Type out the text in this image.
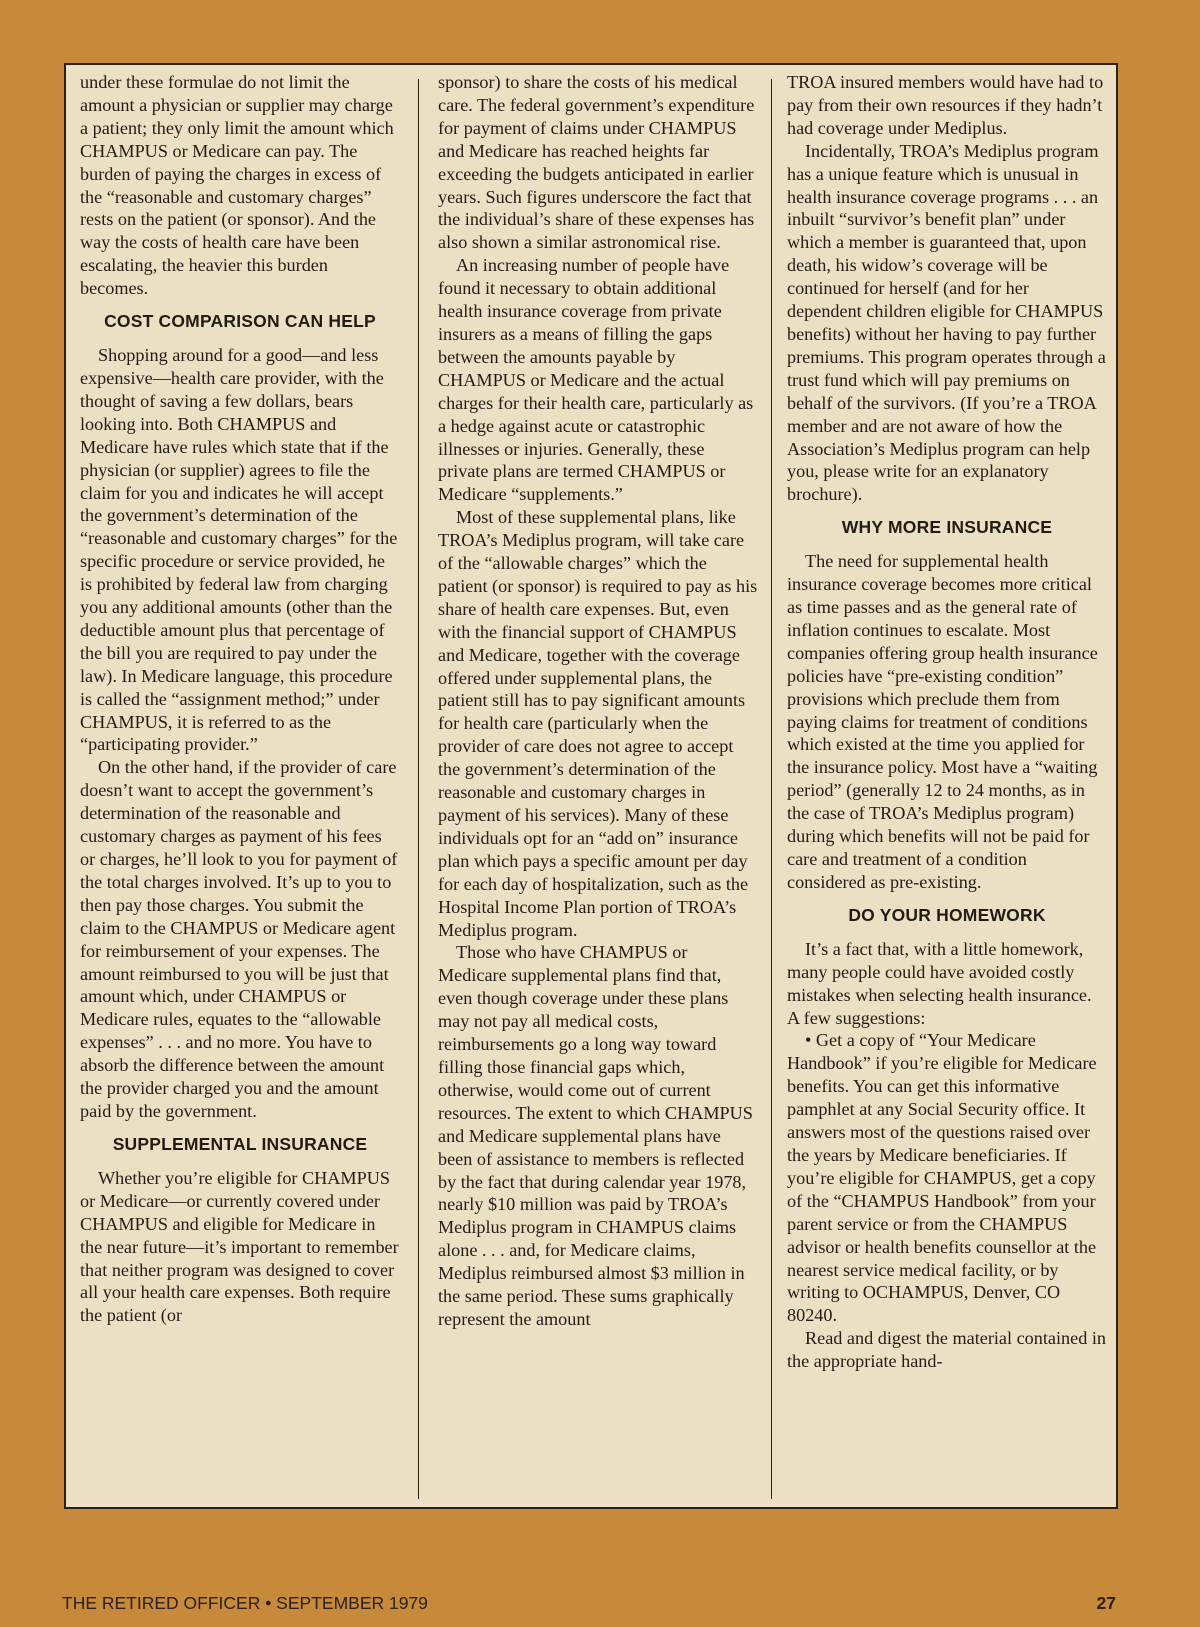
under these formulae do not limit the amount a physician or supplier may charge a patient; they only limit the amount which CHAMPUS or Medicare can pay. The burden of paying the charges in excess of the “reasonable and customary charges” rests on the patient (or sponsor). And the way the costs of health care have been escalating, the heavier this burden becomes.

COST COMPARISON CAN HELP

Shopping around for a good—and less expensive—health care provider, with the thought of saving a few dollars, bears looking into. Both CHAMPUS and Medicare have rules which state that if the physician (or supplier) agrees to file the claim for you and indicates he will accept the government’s determination of the “reasonable and customary charges” for the specific procedure or service provided, he is prohibited by federal law from charging you any additional amounts (other than the deductible amount plus that percentage of the bill you are required to pay under the law). In Medicare language, this procedure is called the “assignment method;” under CHAMPUS, it is referred to as the “participating provider.”

On the other hand, if the provider of care doesn’t want to accept the government’s determination of the reasonable and customary charges as payment of his fees or charges, he’ll look to you for payment of the total charges involved. It’s up to you to then pay those charges. You submit the claim to the CHAMPUS or Medicare agent for reimbursement of your expenses. The amount reimbursed to you will be just that amount which, under CHAMPUS or Medicare rules, equates to the “allowable expenses” . . . and no more. You have to absorb the difference between the amount the provider charged you and the amount paid by the government.

SUPPLEMENTAL INSURANCE

Whether you’re eligible for CHAMPUS or Medicare—or currently covered under CHAMPUS and eligible for Medicare in the near future—it’s important to remember that neither program was designed to cover all your health care expenses. Both require the patient (or

sponsor) to share the costs of his medical care. The federal government’s expenditure for payment of claims under CHAMPUS and Medicare has reached heights far exceeding the budgets anticipated in earlier years. Such figures underscore the fact that the individual’s share of these expenses has also shown a similar astronomical rise.

An increasing number of people have found it necessary to obtain additional health insurance coverage from private insurers as a means of filling the gaps between the amounts payable by CHAMPUS or Medicare and the actual charges for their health care, particularly as a hedge against acute or catastrophic illnesses or injuries. Generally, these private plans are termed CHAMPUS or Medicare “supplements.”

Most of these supplemental plans, like TROA’s Mediplus program, will take care of the “allowable charges” which the patient (or sponsor) is required to pay as his share of health care expenses. But, even with the financial support of CHAMPUS and Medicare, together with the coverage offered under supplemental plans, the patient still has to pay significant amounts for health care (particularly when the provider of care does not agree to accept the government’s determination of the reasonable and customary charges in payment of his services). Many of these individuals opt for an “add on” insurance plan which pays a specific amount per day for each day of hospitalization, such as the Hospital Income Plan portion of TROA’s Mediplus program.

Those who have CHAMPUS or Medicare supplemental plans find that, even though coverage under these plans may not pay all medical costs, reimbursements go a long way toward filling those financial gaps which, otherwise, would come out of current resources. The extent to which CHAMPUS and Medicare supplemental plans have been of assistance to members is reflected by the fact that during calendar year 1978, nearly $10 million was paid by TROA’s Mediplus program in CHAMPUS claims alone . . . and, for Medicare claims, Mediplus reimbursed almost $3 million in the same period. These sums graphically represent the amount

TROA insured members would have had to pay from their own resources if they hadn’t had coverage under Mediplus.

Incidentally, TROA’s Mediplus program has a unique feature which is unusual in health insurance coverage programs . . . an inbuilt “survivor’s benefit plan” under which a member is guaranteed that, upon death, his widow’s coverage will be continued for herself (and for her dependent children eligible for CHAMPUS benefits) without her having to pay further premiums. This program operates through a trust fund which will pay premiums on behalf of the survivors. (If you’re a TROA member and are not aware of how the Association’s Mediplus program can help you, please write for an explanatory brochure).

WHY MORE INSURANCE

The need for supplemental health insurance coverage becomes more critical as time passes and as the general rate of inflation continues to escalate. Most companies offering group health insurance policies have “pre-existing condition” provisions which preclude them from paying claims for treatment of conditions which existed at the time you applied for the insurance policy. Most have a “waiting period” (generally 12 to 24 months, as in the case of TROA’s Mediplus program) during which benefits will not be paid for care and treatment of a condition considered as pre-existing.

DO YOUR HOMEWORK

It’s a fact that, with a little homework, many people could have avoided costly mistakes when selecting health insurance. A few suggestions:

• Get a copy of “Your Medicare Handbook” if you’re eligible for Medicare benefits. You can get this informative pamphlet at any Social Security office. It answers most of the questions raised over the years by Medicare beneficiaries. If you’re eligible for CHAMPUS, get a copy of the “CHAMPUS Handbook” from your parent service or from the CHAMPUS advisor or health benefits counsellor at the nearest service medical facility, or by writing to OCHAMPUS, Denver, CO 80240.

Read and digest the material contained in the appropriate hand-

THE RETIRED OFFICER • SEPTEMBER 1979	27
